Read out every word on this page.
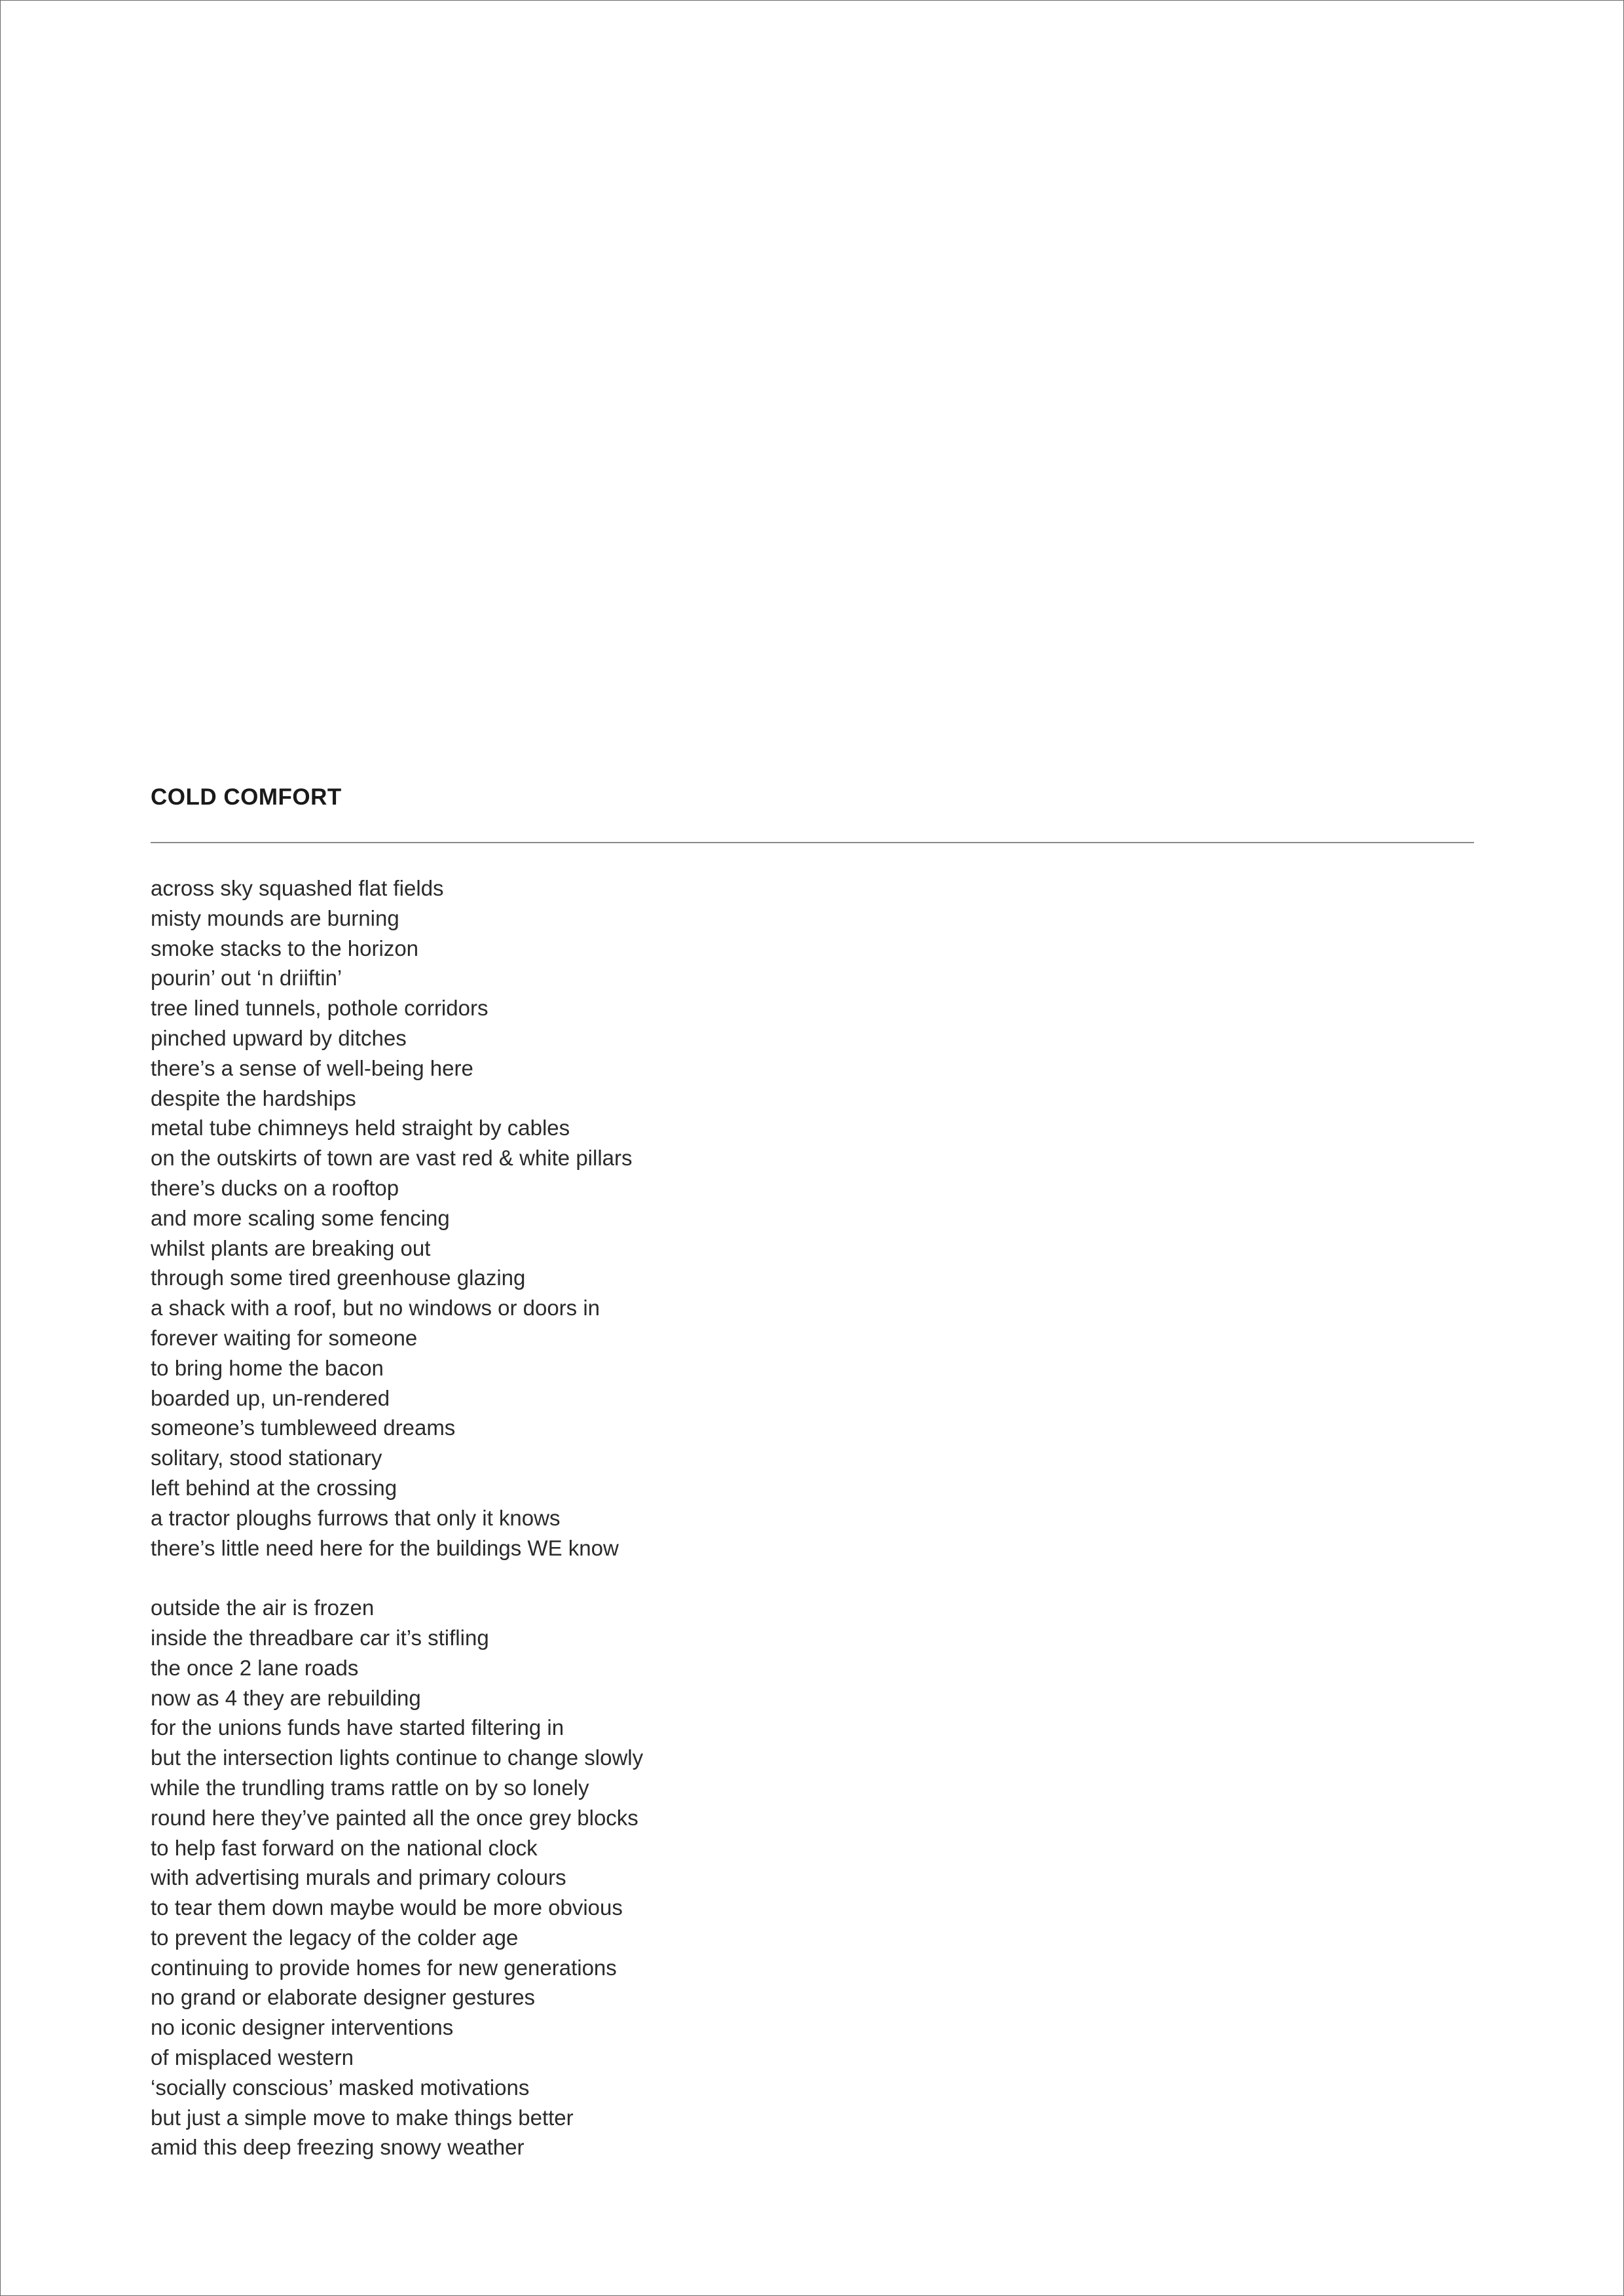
COLD COMFORT

across sky squashed flat fields
misty mounds are burning
smoke stacks to the horizon
pourin’ out ‘n driiftin’
tree lined tunnels, pothole corridors
pinched upward by ditches
there’s a sense of well-being here
despite the hardships
metal tube chimneys held straight by cables
on the outskirts of town are vast red & white pillars
there’s ducks on a rooftop
and more scaling some fencing
whilst plants are breaking out
through some tired greenhouse glazing
a shack with a roof, but no windows or doors in
forever waiting for someone
to bring home the bacon
boarded up, un-rendered
someone’s tumbleweed dreams
solitary, stood stationary
left behind at the crossing
a tractor ploughs furrows that only it knows
there’s little need here for the buildings WE know

outside the air is frozen
inside the threadbare car it’s stifling
the once 2 lane roads
now as 4 they are rebuilding
for the unions funds have started filtering in
but the intersection lights continue to change slowly
while the trundling trams rattle on by so lonely
round here they’ve painted all the once grey blocks
to help fast forward on the national clock
with advertising murals and primary colours
to tear them down maybe would be more obvious
to prevent the legacy of the colder age
continuing to provide homes for new generations
no grand or elaborate designer gestures
no iconic designer interventions
of misplaced western
‘socially conscious’ masked motivations
but just a simple move to make things better
amid this deep freezing snowy weather
